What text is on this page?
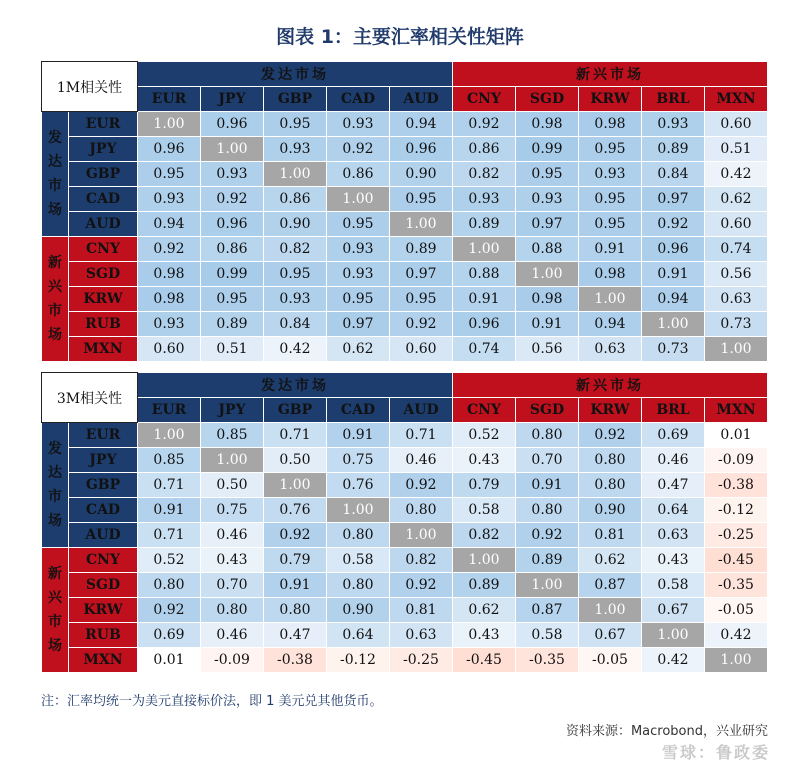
图表 1：主要汇率相关性矩阵
1M相关性		发达市场					新兴市场				
		EUR	JPY	GBP	CAD	AUD	CNY	SGD	KRW	BRL	MXN

发
达
市
场	EUR	1.00	0.96	0.95	0.93	0.94	0.92	0.98	0.98	0.93	0.60
	JPY	0.96	1.00	0.93	0.92	0.96	0.86	0.99	0.95	0.89	0.51
	GBP	0.95	0.93	1.00	0.86	0.90	0.82	0.95	0.93	0.84	0.42
	CAD	0.93	0.92	0.86	1.00	0.95	0.93	0.93	0.95	0.97	0.62
	AUD	0.94	0.96	0.90	0.95	1.00	0.89	0.97	0.95	0.92	0.60

新
兴
市
场	CNY	0.92	0.86	0.82	0.93	0.89	1.00	0.88	0.91	0.96	0.74
	SGD	0.98	0.99	0.95	0.93	0.97	0.88	1.00	0.98	0.91	0.56
	KRW	0.98	0.95	0.93	0.95	0.95	0.91	0.98	1.00	0.94	0.63
	RUB	0.93	0.89	0.84	0.97	0.92	0.96	0.91	0.94	1.00	0.73
	MXN	0.60	0.51	0.42	0.62	0.60	0.74	0.56	0.63	0.73	1.00
3M相关性		发达市场					新兴市场				
		EUR	JPY	GBP	CAD	AUD	CNY	SGD	KRW	BRL	MXN

发
达
市
场	EUR	1.00	0.85	0.71	0.91	0.71	0.52	0.80	0.92	0.69	0.01
	JPY	0.85	1.00	0.50	0.75	0.46	0.43	0.70	0.80	0.46	-0.09
	GBP	0.71	0.50	1.00	0.76	0.92	0.79	0.91	0.80	0.47	-0.38
	CAD	0.91	0.75	0.76	1.00	0.80	0.58	0.80	0.90	0.64	-0.12
	AUD	0.71	0.46	0.92	0.80	1.00	0.82	0.92	0.81	0.63	-0.25

新
兴
市
场	CNY	0.52	0.43	0.79	0.58	0.82	1.00	0.89	0.62	0.43	-0.45
	SGD	0.80	0.70	0.91	0.80	0.92	0.89	1.00	0.87	0.58	-0.35
	KRW	0.92	0.80	0.80	0.90	0.81	0.62	0.87	1.00	0.67	-0.05
	RUB	0.69	0.46	0.47	0.64	0.63	0.43	0.58	0.67	1.00	0.42
	MXN	0.01	-0.09	-0.38	-0.12	-0.25	-0.45	-0.35	-0.05	0.42	1.00
注：汇率均统一为美元直接标价法，即 1 美元兑其他货币。
资料来源：Macrobond，兴业研究
雪球：鲁政委
